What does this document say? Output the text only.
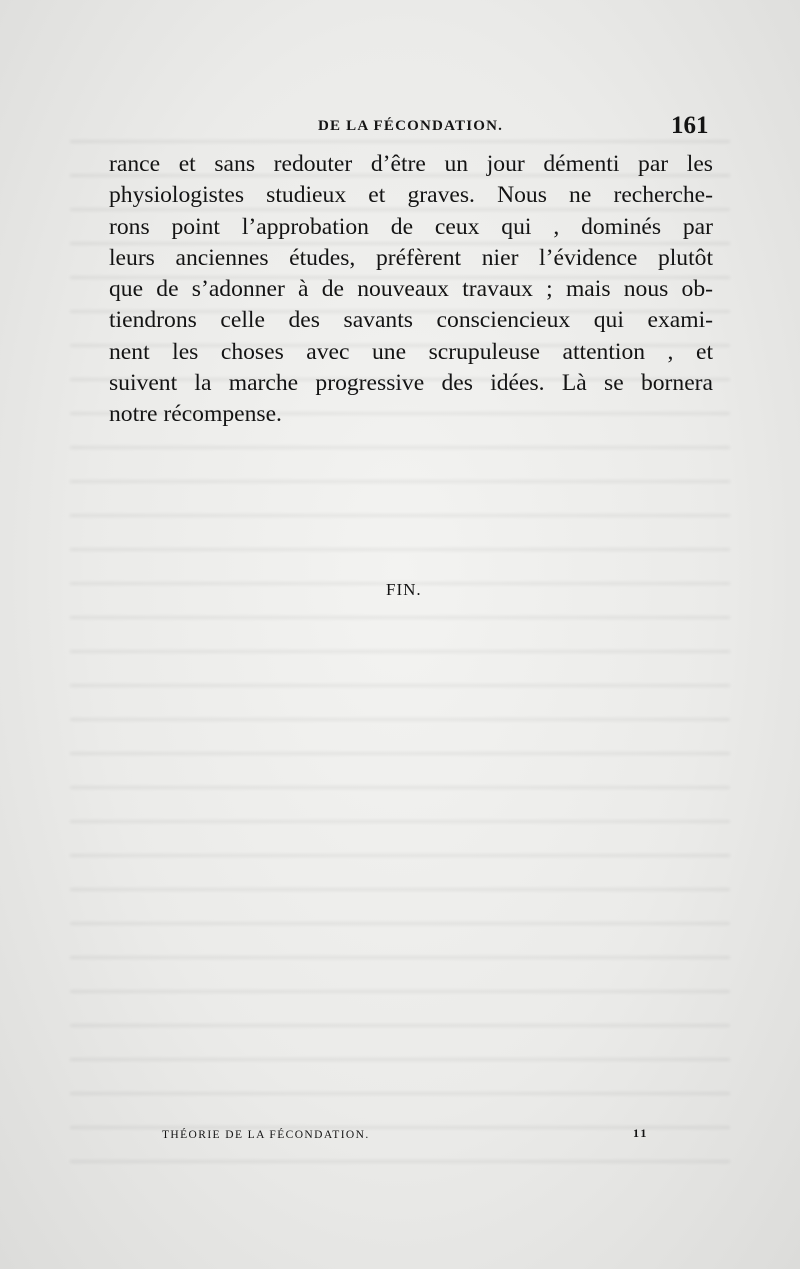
DE LA FÉCONDATION.	161
rance et sans redouter d’être un jour démenti par les
physiologistes studieux et graves. Nous ne recherche-
rons point l’approbation de ceux qui , dominés par
leurs anciennes études, préfèrent nier l’évidence plutôt
que de s’adonner à de nouveaux travaux ; mais nous ob-
tiendrons celle des savants consciencieux qui exami-
nent les choses avec une scrupuleuse attention , et
suivent la marche progressive des idées. Là se bornera
notre récompense.
FIN.
THÉORIE DE LA FÉCONDATION.	11
